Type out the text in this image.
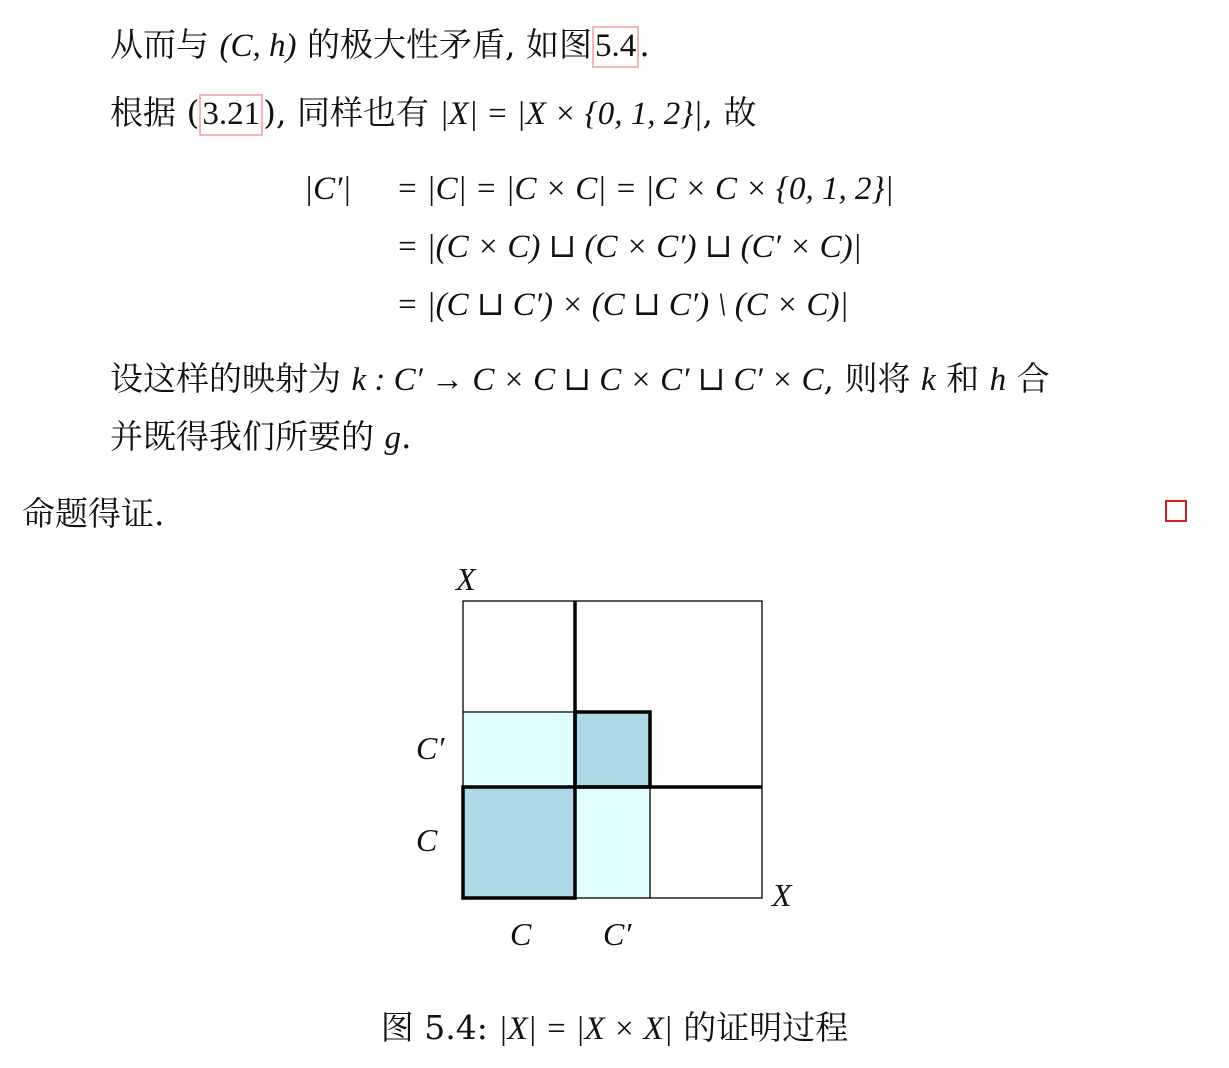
从而与 (C, h) 的极大性矛盾, 如图5.4.
根据 (3.21), 同样也有 |X| = |X × {0, 1, 2}|, 故
|C′| = |C| = |C × C| = |C × C × {0, 1, 2}|
= |(C × C) ⊔ (C × C′) ⊔ (C′ × C)|
= |(C ⊔ C′) × (C ⊔ C′) \ (C × C)|
设这样的映射为 k : C′ → C × C ⊔ C × C′ ⊔ C′ × C, 则将 k 和 h 合
并既得我们所要的 g.
命题得证.
X
X
C′
C
C C′
图 5.4: |X| = |X × X| 的证明过程
